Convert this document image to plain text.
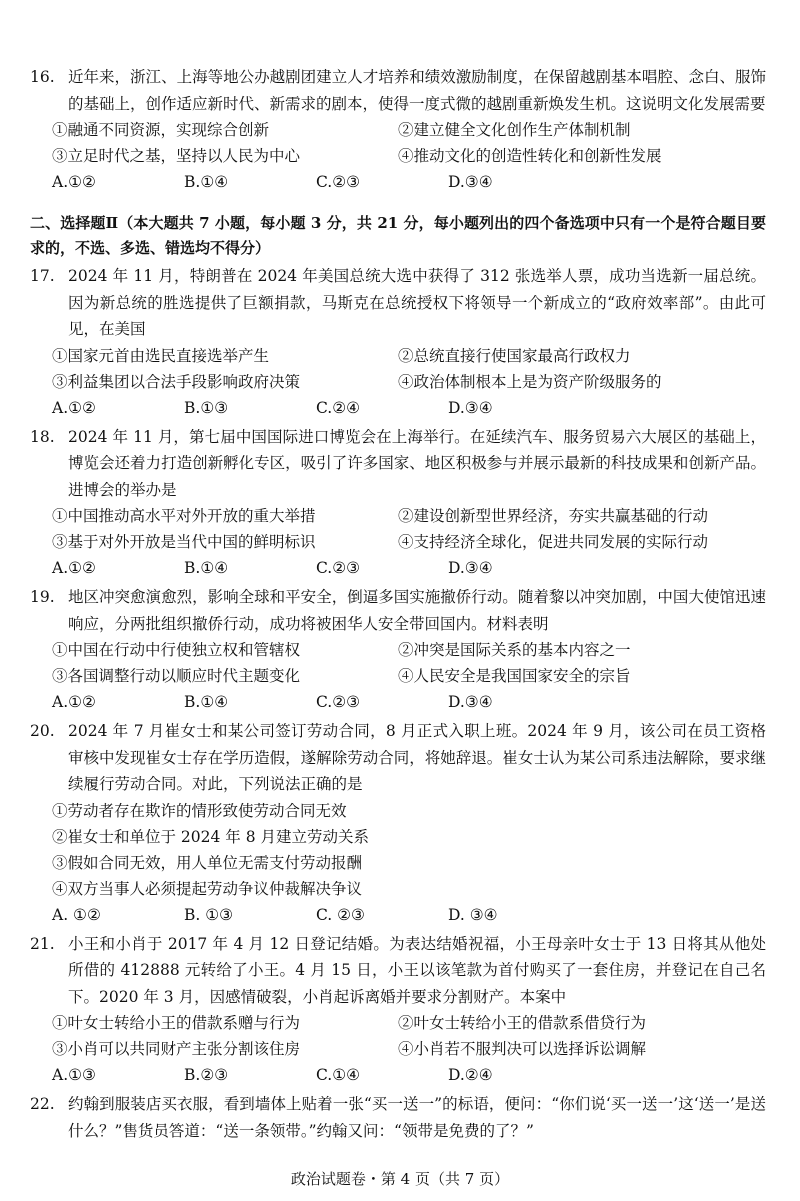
16. 近年来，浙江、上海等地公办越剧团建立人才培养和绩效激励制度，在保留越剧基本唱腔、念白、服饰的基础上，创作适应新时代、新需求的剧本，使得一度式微的越剧重新焕发生机。这说明文化发展需要
①融通不同资源，实现综合创新	②建立健全文化创作生产体制机制
③立足时代之基，坚持以人民为中心	④推动文化的创造性转化和创新性发展
A.①②	B.①④	C.②③	D.③④
二、选择题Ⅱ（本大题共 7 小题，每小题 3 分，共 21 分，每小题列出的四个备选项中只有一个是符合题目要求的，不选、多选、错选均不得分）
17. 2024 年 11 月，特朗普在 2024 年美国总统大选中获得了 312 张选举人票，成功当选新一届总统。因为新总统的胜选提供了巨额捐款，马斯克在总统授权下将领导一个新成立的“政府效率部”。由此可见，在美国
①国家元首由选民直接选举产生	②总统直接行使国家最高行政权力
③利益集团以合法手段影响政府决策	④政治体制根本上是为资产阶级服务的
A.①②	B.①③	C.②④	D.③④
18. 2024 年 11 月，第七届中国国际进口博览会在上海举行。在延续汽车、服务贸易六大展区的基础上，博览会还着力打造创新孵化专区，吸引了许多国家、地区积极参与并展示最新的科技成果和创新产品。进博会的举办是
①中国推动高水平对外开放的重大举措	②建设创新型世界经济，夯实共赢基础的行动
③基于对外开放是当代中国的鲜明标识	④支持经济全球化，促进共同发展的实际行动
A.①②	B.①④	C.②③	D.③④
19. 地区冲突愈演愈烈，影响全球和平安全，倒逼多国实施撤侨行动。随着黎以冲突加剧，中国大使馆迅速响应，分两批组织撤侨行动，成功将被困华人安全带回国内。材料表明
①中国在行动中行使独立权和管辖权	②冲突是国际关系的基本内容之一
③各国调整行动以顺应时代主题变化	④人民安全是我国国家安全的宗旨
A.①②	B.①④	C.②③	D.③④
20. 2024 年 7 月崔女士和某公司签订劳动合同，8 月正式入职上班。2024 年 9 月，该公司在员工资格审核中发现崔女士存在学历造假，遂解除劳动合同，将她辞退。崔女士认为某公司系违法解除，要求继续履行劳动合同。对此，下列说法正确的是
①劳动者存在欺诈的情形致使劳动合同无效
②崔女士和单位于 2024 年 8 月建立劳动关系
③假如合同无效，用人单位无需支付劳动报酬
④双方当事人必须提起劳动争议仲裁解决争议
A. ①②	B. ①③	C. ②③	D. ③④
21. 小王和小肖于 2017 年 4 月 12 日登记结婚。为表达结婚祝福，小王母亲叶女士于 13 日将其从他处所借的 412888 元转给了小王。4 月 15 日，小王以该笔款为首付购买了一套住房，并登记在自己名下。2020 年 3 月，因感情破裂，小肖起诉离婚并要求分割财产。本案中
①叶女士转给小王的借款系赠与行为	②叶女士转给小王的借款系借贷行为
③小肖可以共同财产主张分割该住房	④小肖若不服判决可以选择诉讼调解
A.①③	B.②③	C.①④	D.②④
22. 约翰到服装店买衣服，看到墙体上贴着一张“买一送一”的标语，便问：“你们说‘买一送一’这‘送一’是送什么？”售货员答道：“送一条领带。”约翰又问：“领带是免费的了？”
政治试题卷・第 4 页（共 7 页）
